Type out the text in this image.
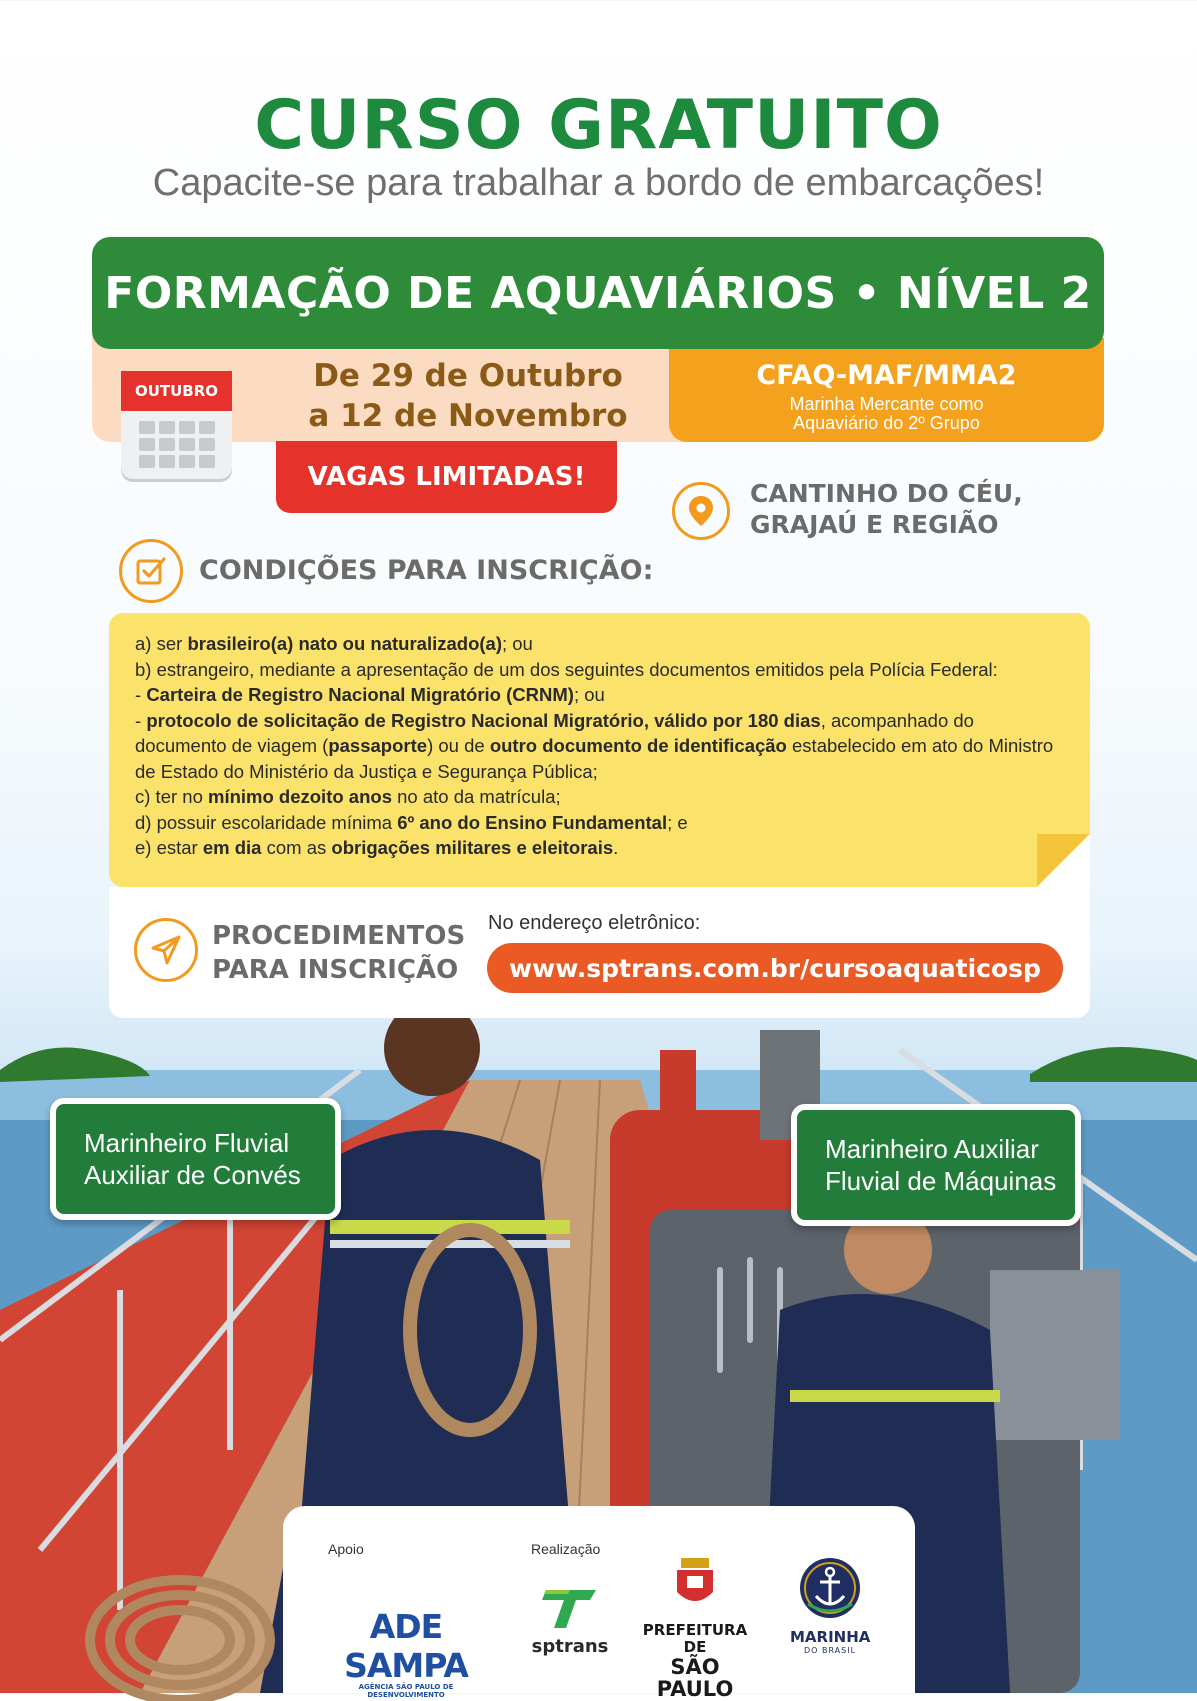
CURSO GRATUITO
Capacite-se para trabalhar a bordo de embarcações!
FORMAÇÃO DE AQUAVIÁRIOS • NÍVEL 2
De 29 de Outubro
a 12 de Novembro
CFAQ-MAF/MMA2
Marinha Mercante como
Aquaviário do 2º Grupo
OUTUBRO
VAGAS LIMITADAS!
CANTINHO DO CÉU,
GRAJAÚ E REGIÃO
CONDIÇÕES PARA INSCRIÇÃO:

a) ser brasileiro(a) nato ou naturalizado(a); ou

b) estrangeiro, mediante a apresentação de um dos seguintes documentos emitidos pela Polícia Federal:

- Carteira de Registro Nacional Migratório (CRNM); ou

- protocolo de solicitação de Registro Nacional Migratório, válido por 180 dias, acompanhado do documento de viagem (passaporte) ou de outro documento de identificação estabelecido em ato do Ministro de Estado do Ministério da Justiça e Segurança Pública;

c) ter no mínimo dezoito anos no ato da matrícula;

d) possuir escolaridade mínima 6º ano do Ensino Fundamental; e

e) estar em dia com as obrigações militares e eleitorais.

PROCEDIMENTOS
PARA INSCRIÇÃO
No endereço eletrônico:
www.sptrans.com.br/cursoaquaticosp
Marinheiro Fluvial
Auxiliar de Convés
Marinheiro Auxiliar
Fluvial de Máquinas
Apoio	Realização
ADE SAMPA
AGÊNCIA SÃO PAULO DE DESENVOLVIMENTO
sptrans
PREFEITURA DE
SÃO PAULO
MARINHA
DO BRASIL
